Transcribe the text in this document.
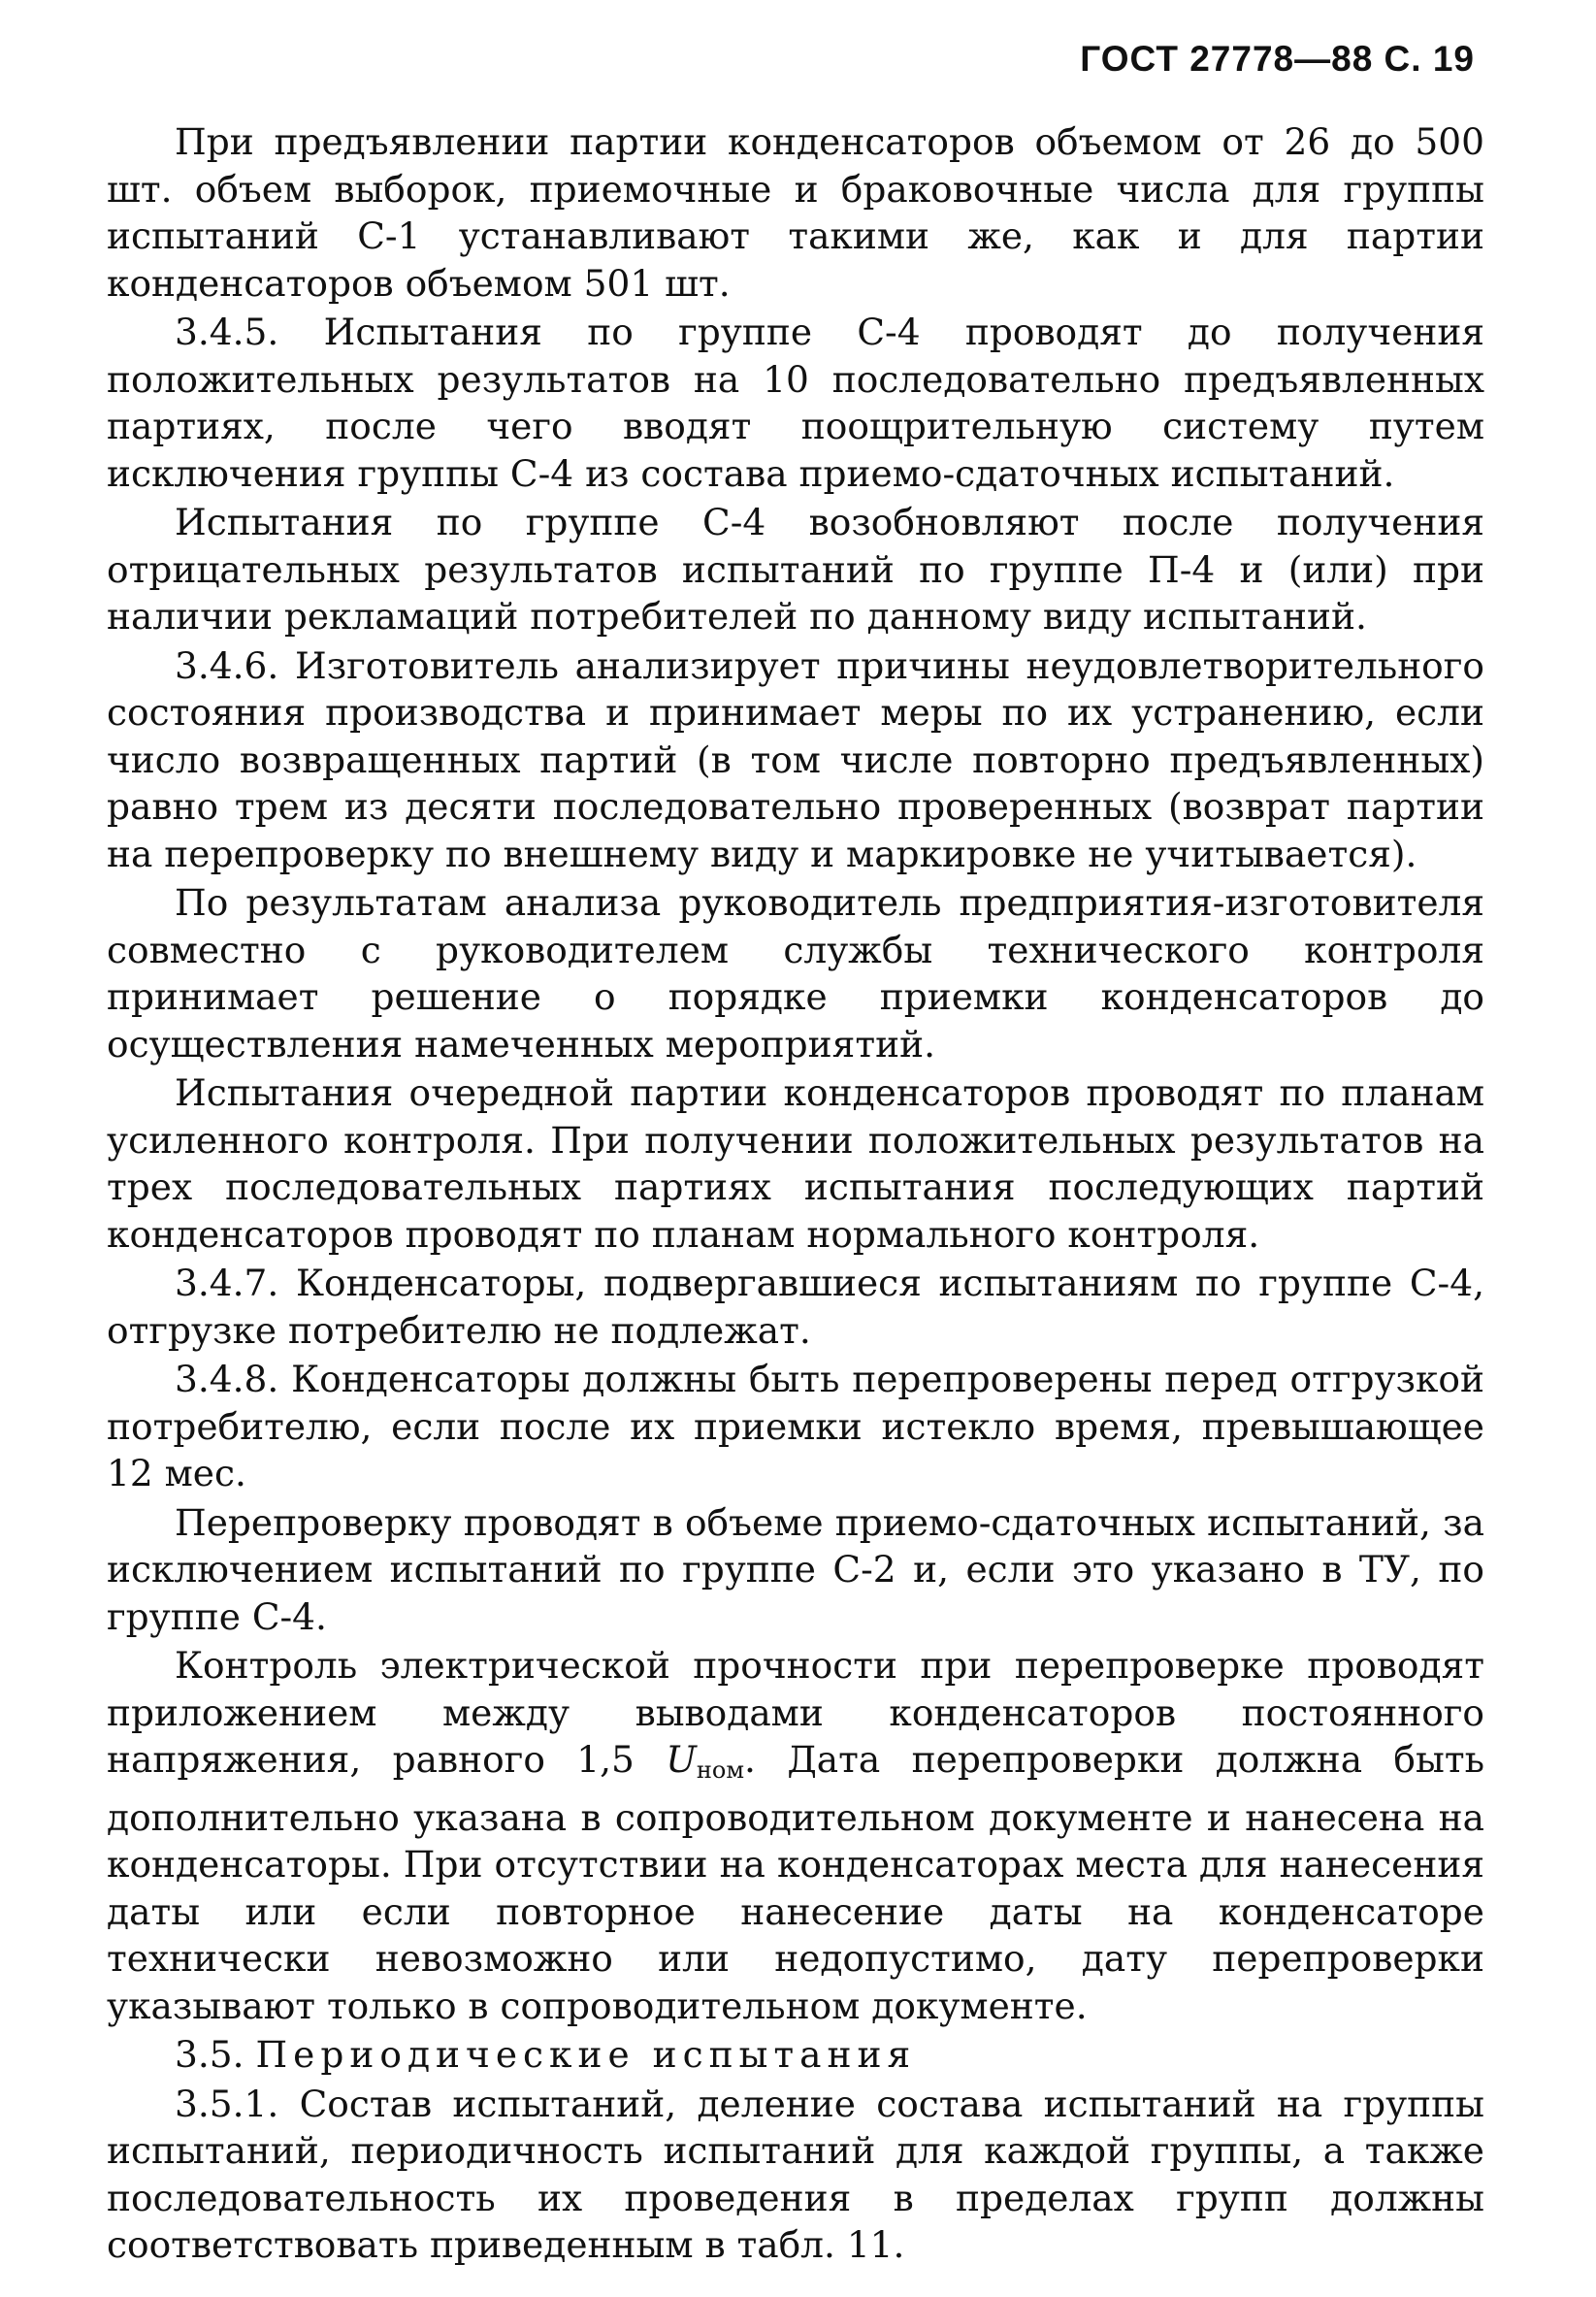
ГОСТ 27778—88 С. 19

При предъявлении партии конденсаторов объемом от 26 до 500 шт. объем выборок, приемочные и браковочные числа для группы испытаний С-1 устанавливают такими же, как и для партии конденсаторов объемом 501 шт.

3.4.5. Испытания по группе С-4 проводят до получения положительных результатов на 10 последовательно предъявленных партиях, после чего вводят поощрительную систему путем исключения группы С-4 из состава приемо-сдаточных испытаний.

Испытания по группе С-4 возобновляют после получения отрицательных результатов испытаний по группе П-4 и (или) при наличии рекламаций потребителей по данному виду испытаний.

3.4.6. Изготовитель анализирует причины неудовлетворительного состояния производства и принимает меры по их устранению, если число возвращенных партий (в том числе повторно предъявленных) равно трем из десяти последовательно проверенных (возврат партии на перепроверку по внешнему виду и маркировке не учитывается).

По результатам анализа руководитель предприятия-изготовителя совместно с руководителем службы технического контроля принимает решение о порядке приемки конденсаторов до осуществления намеченных мероприятий.

Испытания очередной партии конденсаторов проводят по планам усиленного контроля. При получении положительных результатов на трех последовательных партиях испытания последующих партий конденсаторов проводят по планам нормального контроля.

3.4.7. Конденсаторы, подвергавшиеся испытаниям по группе С-4, отгрузке потребителю не подлежат.

3.4.8. Конденсаторы должны быть перепроверены перед отгрузкой потребителю, если после их приемки истекло время, превышающее 12 мес.

Перепроверку проводят в объеме приемо-сдаточных испытаний, за исключением испытаний по группе С-2 и, если это указано в ТУ, по группе С-4.

Контроль электрической прочности при перепроверке проводят приложением между выводами конденсаторов постоянного напряжения, равного 1,5 $U_{ном}$. Дата перепроверки должна быть дополнительно указана в сопроводительном документе и нанесена на конденсаторы. При отсутствии на конденсаторах места для нанесения даты или если повторное нанесение даты на конденсаторе технически невозможно или недопустимо, дату перепроверки указывают только в сопроводительном документе.

3.5. Периодические испытания

3.5.1. Состав испытаний, деление состава испытаний на группы испытаний, периодичность испытаний для каждой группы, а также последовательность их проведения в пределах групп должны соответствовать приведенным в табл. 11.
